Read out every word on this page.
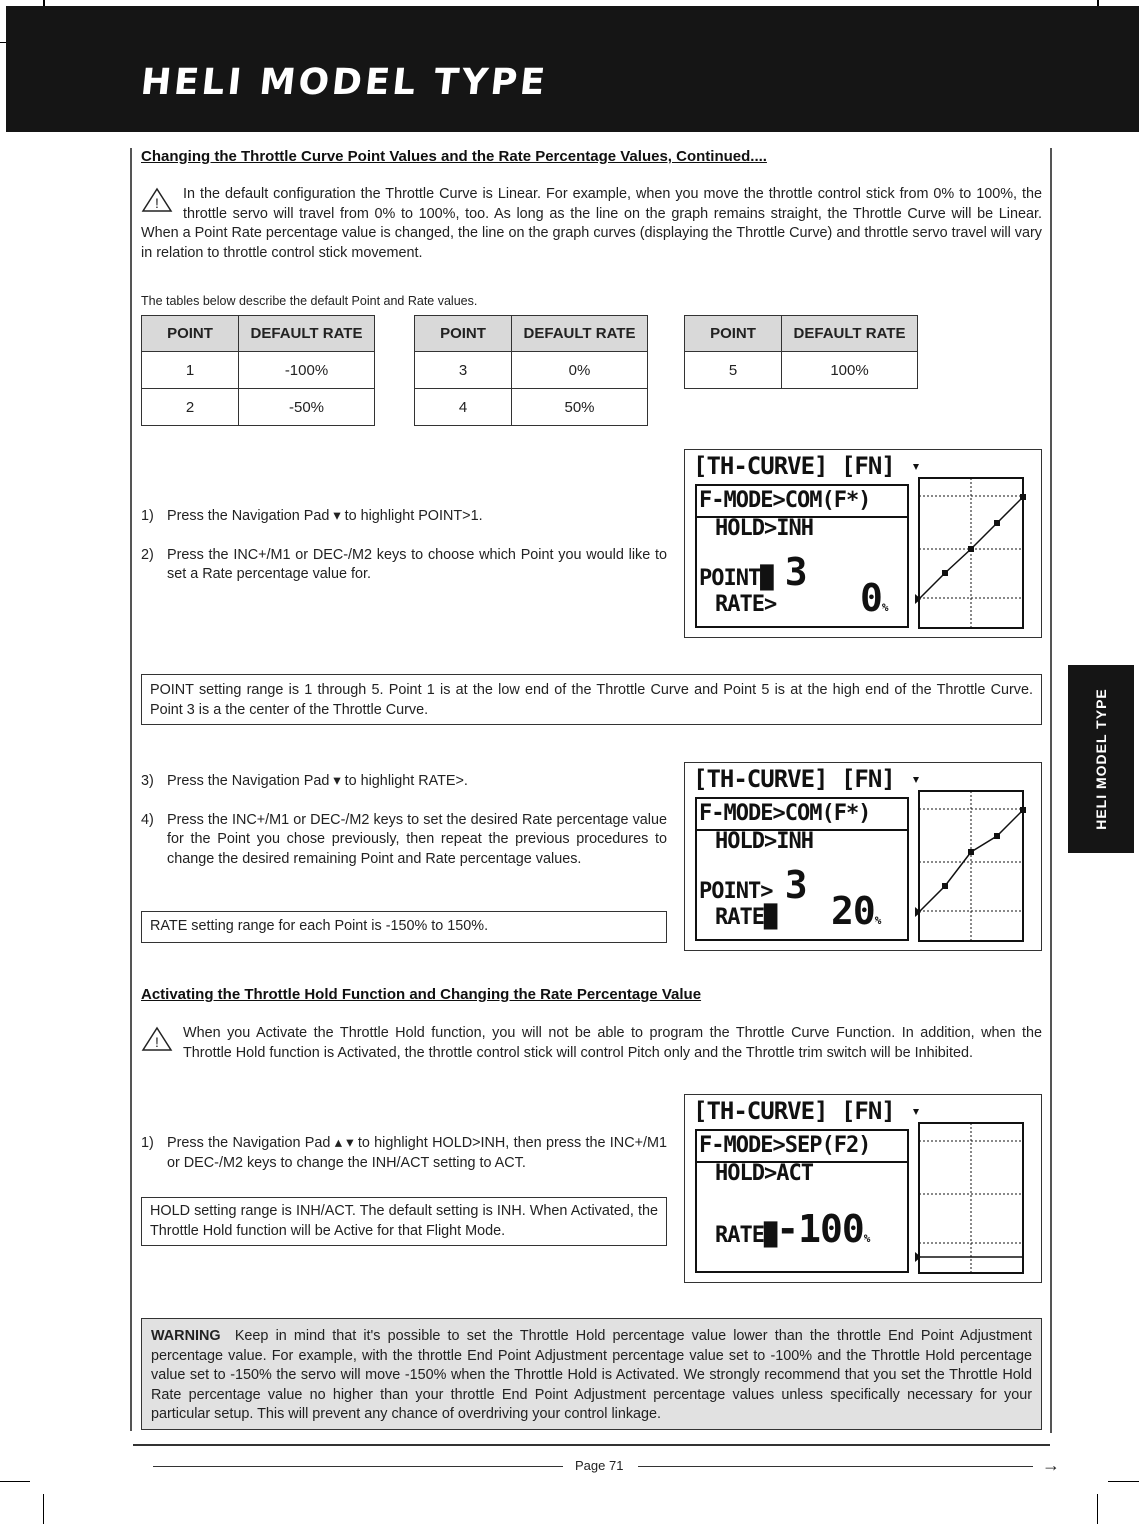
HELI MODEL TYPE
Changing the Throttle Curve Point Values and the Rate Percentage Values, Continued....
!
In the default configuration the Throttle Curve is Linear. For example, when you move the throttle control stick from 0% to 100%, the throttle servo will travel from 0% to 100%, too. As long as the line on the graph remains straight, the Throttle Curve will be Linear. When a Point Rate percentage value is changed, the line on the graph curves (displaying the Throttle Curve) and throttle servo travel will vary in relation to throttle control stick movement.
The tables below describe the default Point and Rate values.
POINT	DEFAULT RATE
1	-100%
2	-50%
POINT	DEFAULT RATE
3	0%
4	50%
POINT	DEFAULT RATE
5	100%
1) Press the Navigation Pad ▾ to highlight POINT>1.
2) Press the INC+/M1 or DEC-/M2 keys to choose which Point you would like to set a Rate percentage value for.
[TH-CURVE] [FN]
F-MODE>COM(F*)
HOLD>INH
POINT█ 3
RATE> 0%
POINT setting range is 1 through 5. Point 1 is at the low end of the Throttle Curve and Point 5 is at the high end of the Throttle Curve. Point 3 is a the center of the Throttle Curve.
3) Press the Navigation Pad ▾ to highlight RATE>.
4) Press the INC+/M1 or DEC-/M2 keys to set the desired Rate percentage value for the Point you chose previously, then repeat the previous procedures to change the desired remaining Point and Rate percentage values.
RATE setting range for each Point is -150% to 150%.
[TH-CURVE] [FN]
F-MODE>COM(F*)
HOLD>INH
POINT> 3
RATE█ 20%
Activating the Throttle Hold Function and Changing the Rate Percentage Value
!
When you Activate the Throttle Hold function, you will not be able to program the Throttle Curve Function. In addition, when the Throttle Hold function is Activated, the throttle control stick will control Pitch only and the Throttle trim switch will be Inhibited.
1) Press the Navigation Pad ▴ ▾ to highlight HOLD>INH, then press the INC+/M1 or DEC-/M2 keys to change the INH/ACT setting to ACT.
HOLD setting range is INH/ACT. The default setting is INH. When Activated, the Throttle Hold function will be Active for that Flight Mode.
[TH-CURVE] [FN]
F-MODE>SEP(F2)
HOLD>ACT
RATE█-100%
WARNING Keep in mind that it's possible to set the Throttle Hold percentage value lower than the throttle End Point Adjustment percentage value. For example, with the throttle End Point Adjustment percentage value set to -100% and the Throttle Hold percentage value set to -150% the servo will move -150% when the Throttle Hold is Activated. We strongly recommend that you set the Throttle Hold Rate percentage value no higher than your throttle End Point Adjustment percentage values unless specifically necessary for your particular setup. This will prevent any chance of overdriving your control linkage.
HELI MODEL TYPE
Page 71	→
